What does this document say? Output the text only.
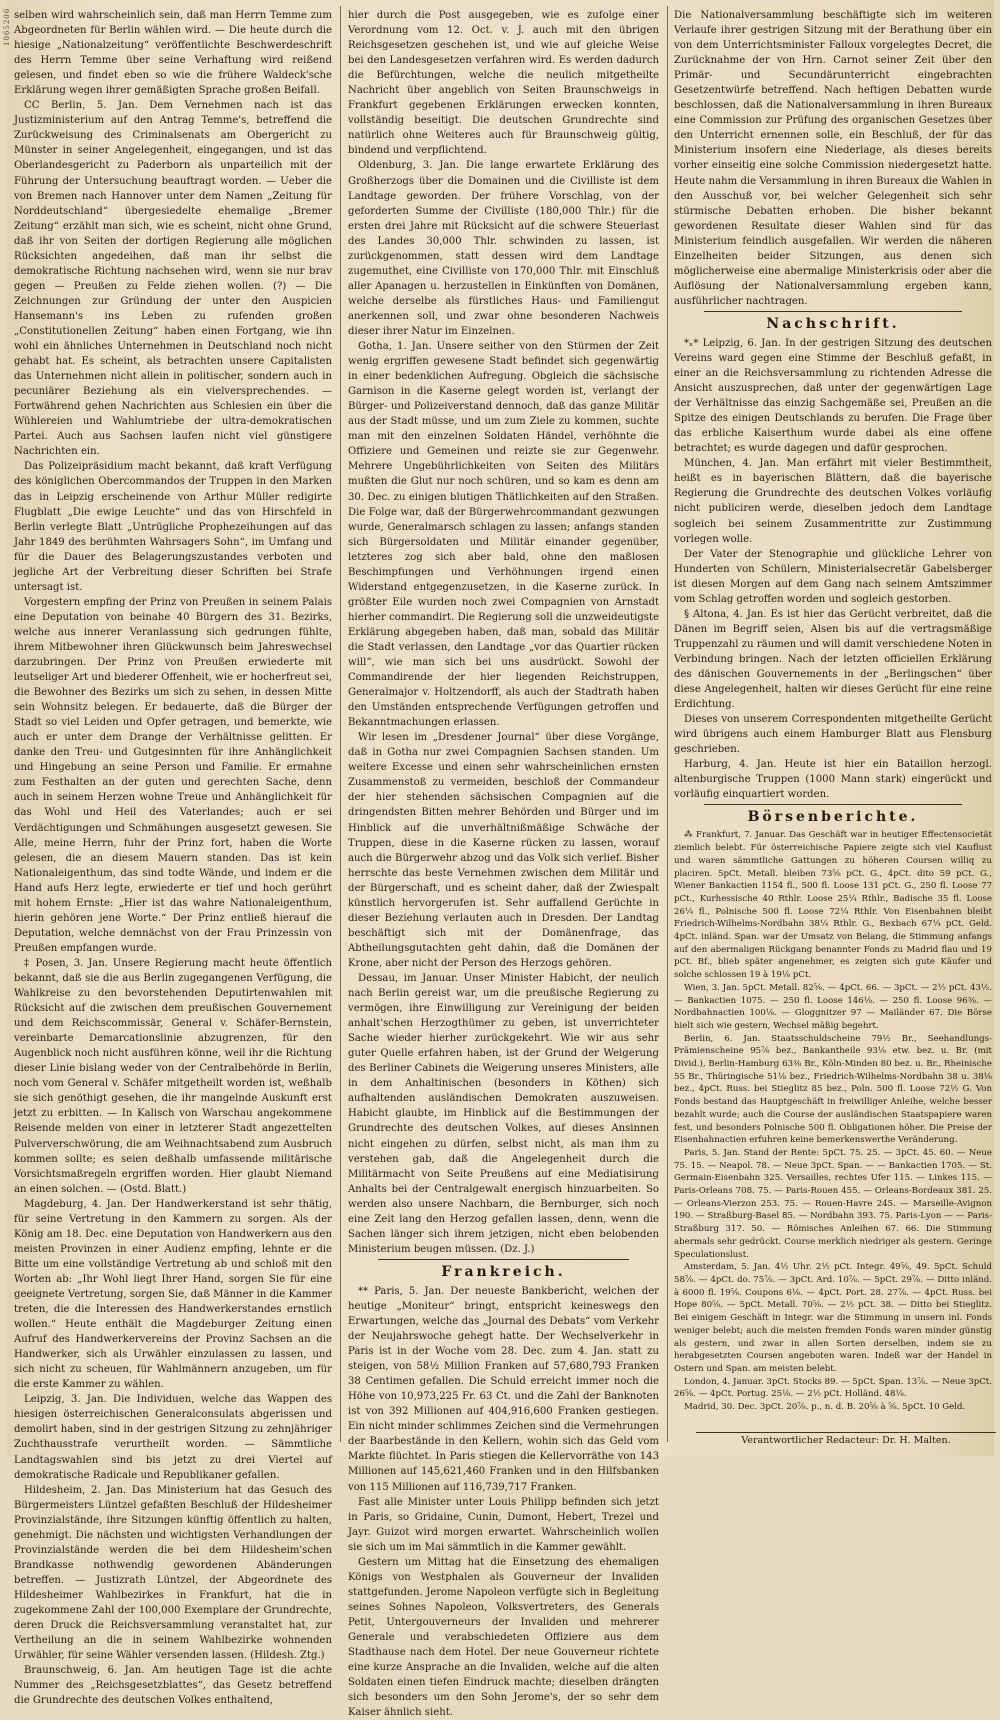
1065206 selben wird wahrscheinlich sein, daß man Herrn Temme zum Abgeordneten für Berlin wählen wird. — Die heute durch die hiesige „Nationalzeitung“ veröffentlichte Beschwerdeschrift des Herrn Temme über seine Verhaftung wird reißend gelesen, und findet eben so wie die frühere Waldeck'sche Erklärung wegen ihrer gemäßigten Sprache großen Beifall.

CC Berlin, 5. Jan. Dem Vernehmen nach ist das Justizministerium auf den Antrag Temme's, betreffend die Zurückweisung des Criminalsenats am Obergericht zu Münster in seiner Angelegenheit, eingegangen, und ist das Oberlandesgericht zu Paderborn als unparteilich mit der Führung der Untersuchung beauftragt worden. — Ueber die von Bremen nach Hannover unter dem Namen „Zeitung für Norddeutschland“ übergesiedelte ehemalige „Bremer Zeitung“ erzählt man sich, wie es scheint, nicht ohne Grund, daß ihr von Seiten der dortigen Regierung alle möglichen Rücksichten angedeihen, daß man ihr selbst die demokratische Richtung nachsehen wird, wenn sie nur brav gegen — Preußen zu Felde ziehen wollen. (?) — Die Zeichnungen zur Gründung der unter den Auspicien Hansemann's ins Leben zu rufenden großen „Constitutionellen Zeitung“ haben einen Fortgang, wie ihn wohl ein ähnliches Unternehmen in Deutschland noch nicht gehabt hat. Es scheint, als betrachten unsere Capitalisten das Unternehmen nicht allein in politischer, sondern auch in pecuniärer Beziehung als ein vielversprechendes. — Fortwährend gehen Nachrichten aus Schlesien ein über die Wühlereien und Wahlumtriebe der ultra-demokratischen Partei. Auch aus Sachsen laufen nicht viel günstigere Nachrichten ein.

Das Polizeipräsidium macht bekannt, daß kraft Verfügung des königlichen Obercommandos der Truppen in den Marken das in Leipzig erscheinende von Arthur Müller redigirte Flugblatt „Die ewige Leuchte“ und das von Hirschfeld in Berlin verlegte Blatt „Untrügliche Prophezeihungen auf das Jahr 1849 des berühmten Wahrsagers Sohn“, im Umfang und für die Dauer des Belagerungszustandes verboten und jegliche Art der Verbreitung dieser Schriften bei Strafe untersagt ist.

Vorgestern empfing der Prinz von Preußen in seinem Palais eine Deputation von beinahe 40 Bürgern des 31. Bezirks, welche aus innerer Veranlassung sich gedrungen fühlte, ihrem Mitbewohner ihren Glückwunsch beim Jahreswechsel darzubringen. Der Prinz von Preußen erwiederte mit leutseliger Art und biederer Offenheit, wie er hocherfreut sei, die Bewohner des Bezirks um sich zu sehen, in dessen Mitte sein Wohnsitz belegen. Er bedauerte, daß die Bürger der Stadt so viel Leiden und Opfer getragen, und bemerkte, wie auch er unter dem Drange der Verhältnisse gelitten. Er danke den Treu- und Gutgesinnten für ihre Anhänglichkeit und Hingebung an seine Person und Familie. Er ermahne zum Festhalten an der guten und gerechten Sache, denn auch in seinem Herzen wohne Treue und Anhänglichkeit für das Wohl und Heil des Vaterlandes; auch er sei Verdächtigungen und Schmähungen ausgesetzt gewesen. Sie Alle, meine Herrn, fuhr der Prinz fort, haben die Worte gelesen, die an diesem Mauern standen. Das ist kein Nationaleigenthum, das sind todte Wände, und indem er die Hand aufs Herz legte, erwiederte er tief und hoch gerührt mit hohem Ernste: „Hier ist das wahre Nationaleigenthum, hierin gehören jene Worte.“ Der Prinz entließ hierauf die Deputation, welche demnächst von der Frau Prinzessin von Preußen empfangen wurde.

‡ Posen, 3. Jan. Unsere Regierung macht heute öffentlich bekannt, daß sie die aus Berlin zugegangenen Verfügung, die Wahlkreise zu den bevorstehenden Deputirtenwahlen mit Rücksicht auf die zwischen dem preußischen Gouvernement und dem Reichscommissär, General v. Schäfer-Bernstein, vereinbarte Demarcationslinie abzugrenzen, für den Augenblick noch nicht ausführen könne, weil ihr die Richtung dieser Linie bislang weder von der Centralbehörde in Berlin, noch vom General v. Schäfer mitgetheilt worden ist, weßhalb sie sich genöthigt gesehen, die ihr mangelnde Auskunft erst jetzt zu erbitten. — In Kalisch von Warschau angekommene Reisende melden von einer in letzterer Stadt angezettelten Pulververschwörung, die am Weihnachtsabend zum Ausbruch kommen sollte; es seien deßhalb umfassende militärische Vorsichtsmaßregeln ergriffen worden. Hier glaubt Niemand an einen solchen. — (Ostd. Blatt.)

Magdeburg, 4. Jan. Der Handwerkerstand ist sehr thätig, für seine Vertretung in den Kammern zu sorgen. Als der König am 18. Dec. eine Deputation von Handwerkern aus den meisten Provinzen in einer Audienz empfing, lehnte er die Bitte um eine vollständige Vertretung ab und schloß mit den Worten ab: „Ihr Wohl liegt Ihrer Hand, sorgen Sie für eine geeignete Vertretung, sorgen Sie, daß Männer in die Kammer treten, die die Interessen des Handwerkerstandes ernstlich wollen.“ Heute enthält die Magdeburger Zeitung einen Aufruf des Handwerkervereins der Provinz Sachsen an die Handwerker, sich als Urwähler einzulassen zu lassen, und sich nicht zu scheuen, für Wahlmännern anzugeben, um für die erste Kammer zu wählen.

Leipzig, 3. Jan. Die Individuen, welche das Wappen des hiesigen österreichischen Generalconsulats abgerissen und demolirt haben, sind in der gestrigen Sitzung zu zehnjähriger Zuchthausstrafe verurtheilt worden. — Sämmtliche Landtagswahlen sind bis jetzt zu drei Viertel auf demokratische Radicale und Republikaner gefallen.

Hildesheim, 2. Jan. Das Ministerium hat das Gesuch des Bürgermeisters Lüntzel gefaßten Beschluß der Hildesheimer Provinzialstände, ihre Sitzungen künftig öffentlich zu halten, genehmigt. Die nächsten und wichtigsten Verhandlungen der Provinzialstände werden die bei dem Hildesheim'schen Brandkasse nothwendig gewordenen Abänderungen betreffen. — Justizrath Lüntzel, der Abgeordnete des Hildesheimer Wahlbezirkes in Frankfurt, hat die in zugekommene Zahl der 100,000 Exemplare der Grundrechte, deren Druck die Reichsversammlung veranstaltet hat, zur Vertheilung an die in seinem Wahlbezirke wohnenden Urwähler, für seine Wähler versenden lassen. (Hildesh. Ztg.)

Braunschweig, 6. Jan. Am heutigen Tage ist die achte Nummer des „Reichsgesetzblattes“, das Gesetz betreffend die Grundrechte des deutschen Volkes enthaltend,

hier durch die Post ausgegeben, wie es zufolge einer Verordnung vom 12. Oct. v. J. auch mit den übrigen Reichsgesetzen geschehen ist, und wie auf gleiche Weise bei den Landesgesetzen verfahren wird. Es werden dadurch die Befürchtungen, welche die neulich mitgetheilte Nachricht über angeblich von Seiten Braunschweigs in Frankfurt gegebenen Erklärungen erwecken konnten, vollständig beseitigt. Die deutschen Grundrechte sind natürlich ohne Weiteres auch für Braunschweig gültig, bindend und verpflichtend.

Oldenburg, 3. Jan. Die lange erwartete Erklärung des Großherzogs über die Domainen und die Civilliste ist dem Landtage geworden. Der frühere Vorschlag, von der geforderten Summe der Civilliste (180,000 Thlr.) für die ersten drei Jahre mit Rücksicht auf die schwere Steuerlast des Landes 30,000 Thlr. schwinden zu lassen, ist zurückgenommen, statt dessen wird dem Landtage zugemuthet, eine Civilliste von 170,000 Thlr. mit Einschluß aller Apanagen u. herzustellen in Einkünften von Domänen, welche derselbe als fürstliches Haus- und Familiengut anerkennen soll, und zwar ohne besonderen Nachweis dieser ihrer Natur im Einzelnen.

Gotha, 1. Jan. Unsere seither von den Stürmen der Zeit wenig ergriffen gewesene Stadt befindet sich gegenwärtig in einer bedenklichen Aufregung. Obgleich die sächsische Garnison in die Kaserne gelegt worden ist, verlangt der Bürger- und Polizeiverstand dennoch, daß das ganze Militär aus der Stadt müsse, und um zum Ziele zu kommen, suchte man mit den einzelnen Soldaten Händel, verhöhnte die Offiziere und Gemeinen und reizte sie zur Gegenwehr. Mehrere Ungebührlichkeiten von Seiten des Militärs mußten die Glut nur noch schüren, und so kam es denn am 30. Dec. zu einigen blutigen Thätlichkeiten auf den Straßen. Die Folge war, daß der Bürgerwehrcommandant gezwungen wurde, Generalmarsch schlagen zu lassen; anfangs standen sich Bürgersoldaten und Militär einander gegenüber, letzteres zog sich aber bald, ohne den maßlosen Beschimpfungen und Verhöhnungen irgend einen Widerstand entgegenzusetzen, in die Kaserne zurück. In größter Eile wurden noch zwei Compagnien von Arnstadt hierher commandirt. Die Regierung soll die unzweideutigste Erklärung abgegeben haben, daß man, sobald das Militär die Stadt verlassen, den Landtage „vor das Quartier rücken will“, wie man sich bei uns ausdrückt. Sowohl der Commandirende der hier liegenden Reichstruppen, Generalmajor v. Holtzendorff, als auch der Stadtrath haben den Umständen entsprechende Verfügungen getroffen und Bekanntmachungen erlassen.

Wir lesen im „Dresdener Journal“ über diese Vorgänge, daß in Gotha nur zwei Compagnien Sachsen standen. Um weitere Excesse und einen sehr wahrscheinlichen ernsten Zusammenstoß zu vermeiden, beschloß der Commandeur der hier stehenden sächsischen Compagnien auf die dringendsten Bitten mehrer Behörden und Bürger und im Hinblick auf die unverhältnißmäßige Schwäche der Truppen, diese in die Kaserne rücken zu lassen, worauf auch die Bürgerwehr abzog und das Volk sich verlief. Bisher herrschte das beste Vernehmen zwischen dem Militär und der Bürgerschaft, und es scheint daher, daß der Zwiespalt künstlich hervorgerufen ist. Sehr auffallend Gerüchte in dieser Beziehung verlauten auch in Dresden. Der Landtag beschäftigt sich mit der Domänenfrage, das Abtheilungsgutachten geht dahin, daß die Domänen der Krone, aber nicht der Person des Herzogs gehören.

Dessau, im Januar. Unser Minister Habicht, der neulich nach Berlin gereist war, um die preußische Regierung zu vermögen, ihre Einwilligung zur Vereinigung der beiden anhalt'schen Herzogthümer zu geben, ist unverrichteter Sache wieder hierher zurückgekehrt. Wie wir aus sehr guter Quelle erfahren haben, ist der Grund der Weigerung des Berliner Cabinets die Weigerung unseres Ministers, alle in dem Anhaltinischen (besonders in Köthen) sich aufhaltenden ausländischen Demokraten auszuweisen. Habicht glaubte, im Hinblick auf die Bestimmungen der Grundrechte des deutschen Volkes, auf dieses Ansinnen nicht eingehen zu dürfen, selbst nicht, als man ihm zu verstehen gab, daß die Angelegenheit durch die Militärmacht von Seite Preußens auf eine Mediatisirung Anhalts bei der Centralgewalt energisch hinzuarbeiten. So werden also unsere Nachbarn, die Bernburger, sich noch eine Zeit lang den Herzog gefallen lassen, denn, wenn die Sachen länger sich ihrem jetzigen, nicht eben belobenden Ministerium beugen müssen. (Dz. J.)

Frankreich.

** Paris, 5. Jan. Der neueste Bankbericht, welchen der heutige „Moniteur“ bringt, entspricht keineswegs den Erwartungen, welche das „Journal des Debats“ vom Verkehr der Neujahrswoche gehegt hatte. Der Wechselverkehr in Paris ist in der Woche vom 28. Dec. zum 4. Jan. statt zu steigen, von 58½ Million Franken auf 57,680,793 Franken 38 Centimen gefallen. Die Schuld erreicht immer noch die Höhe von 10,973,225 Fr. 63 Ct. und die Zahl der Banknoten ist von 392 Millionen auf 404,916,600 Franken gestiegen. Ein nicht minder schlimmes Zeichen sind die Vermehrungen der Baarbestände in den Kellern, wohin sich das Geld vom Markte flüchtet. In Paris stiegen die Kellervorräthe von 143 Millionen auf 145,621,460 Franken und in den Hilfsbanken von 115 Millionen auf 116,739,717 Franken.

Fast alle Minister unter Louis Philipp befinden sich jetzt in Paris, so Gridaine, Cunin, Dumont, Hebert, Trezel und Jayr. Guizot wird morgen erwartet. Wahrscheinlich wollen sie sich um im Mai sämmtlich in die Kammer gewählt.

Gestern um Mittag hat die Einsetzung des ehemaligen Königs von Westphalen als Gouverneur der Invaliden stattgefunden. Jerome Napoleon verfügte sich in Begleitung seines Sohnes Napoleon, Volksvertreters, des Generals Petit, Untergouverneurs der Invaliden und mehrerer Generale und verabschiedeten Offiziere aus dem Stadthause nach dem Hotel. Der neue Gouverneur richtete eine kurze Ansprache an die Invaliden, welche auf die alten Soldaten einen tiefen Eindruck machte; dieselben drängten sich besonders um den Sohn Jerome's, der so sehr dem Kaiser ähnlich sieht.

Die Nationalversammlung beschäftigte sich im weiteren Verlaufe ihrer gestrigen Sitzung mit der Berathung über ein von dem Unterrichtsminister Falloux vorgelegtes Decret, die Zurücknahme der von Hrn. Carnot seiner Zeit über den Primär- und Secundärunterricht eingebrachten Gesetzentwürfe betreffend. Nach heftigen Debatten wurde beschlossen, daß die Nationalversammlung in ihren Bureaux eine Commission zur Prüfung des organischen Gesetzes über den Unterricht ernennen solle, ein Beschluß, der für das Ministerium insofern eine Niederlage, als dieses bereits vorher einseitig eine solche Commission niedergesetzt hatte. Heute nahm die Versammlung in ihren Bureaux die Wahlen in den Ausschuß vor, bei welcher Gelegenheit sich sehr stürmische Debatten erhoben. Die bisher bekannt gewordenen Resultate dieser Wahlen sind für das Ministerium feindlich ausgefallen. Wir werden die näheren Einzelheiten beider Sitzungen, aus denen sich möglicherweise eine abermalige Ministerkrisis oder aber die Auflösung der Nationalversammlung ergeben kann, ausführlicher nachtragen.

Nachschrift.

*ₓ* Leipzig, 6. Jan. In der gestrigen Sitzung des deutschen Vereins ward gegen eine Stimme der Beschluß gefaßt, in einer an die Reichsversammlung zu richtenden Adresse die Ansicht auszusprechen, daß unter der gegenwärtigen Lage der Verhältnisse das einzig Sachgemäße sei, Preußen an die Spitze des einigen Deutschlands zu berufen. Die Frage über das erbliche Kaiserthum wurde dabei als eine offene betrachtet; es wurde dagegen und dafür gesprochen.

München, 4. Jan. Man erfährt mit vieler Bestimmtheit, heißt es in bayerischen Blättern, daß die bayerische Regierung die Grundrechte des deutschen Volkes vorläufig nicht publiciren werde, dieselben jedoch dem Landtage sogleich bei seinem Zusammentritte zur Zustimmung vorlegen wolle.

Der Vater der Stenographie und glückliche Lehrer von Hunderten von Schülern, Ministerialsecretär Gabelsberger ist diesen Morgen auf dem Gang nach seinem Amtszimmer vom Schlag getroffen worden und sogleich gestorben.

§ Altona, 4. Jan. Es ist hier das Gerücht verbreitet, daß die Dänen im Begriff seien, Alsen bis auf die vertragsmäßige Truppenzahl zu räumen und will damit verschiedene Noten in Verbindung bringen. Nach der letzten officiellen Erklärung des dänischen Gouvernements in der „Berlingschen“ über diese Angelegenheit, halten wir dieses Gerücht für eine reine Erdichtung.

Dieses von unserem Correspondenten mitgetheilte Gerücht wird übrigens auch einem Hamburger Blatt aus Flensburg geschrieben.

Harburg, 4. Jan. Heute ist hier ein Bataillon herzogl. altenburgische Truppen (1000 Mann stark) eingerückt und vorläufig einquartiert worden.

Börsenberichte.

⁂ Frankfurt, 7. Januar. Das Geschäft war in heutiger Effectensocietät ziemlich belebt. Für österreichische Papiere zeigte sich viel Kauflust und waren sämmtliche Gattungen zu höheren Coursen williq zu placiren. 5pCt. Metall. bleiben 73⅝ pCt. G., 4pCt. dito 59 pCt. G., Wiener Bankactien 1154 fl., 500 fl. Loose 131 pCt. G., 250 fl. Loose 77 pCt., Kurhessische 40 Rthlr. Loose 25¼ Rthlr., Badische 35 fl. Loose 26¼ fl., Polnische 500 fl. Loose 72¼ Rthlr. Von Eisenbahnen bleibt Friedrich-Wilhelms-Nordbahn 38¼ Rthlr. G., Bexbach 67¼ pCt. Geld. 4pCt. inländ. Span. war der Umsatz von Belang, die Stimmung anfangs auf den abermaligen Rückgang benannter Fonds zu Madrid flau und 19 pCt. Bf., blieb später angenehmer, es zeigten sich gute Käufer und solche schlossen 19 à 19⅛ pCt.

Wien, 3. Jan. 5pCt. Metall. 82⅝. — 4pCt. 66. — 3pCt. — 2½ pCt. 43½. — Bankactien 1075. — 250 fl. Loose 146⅛. — 250 fl. Loose 96⅜. — Nordbahnactien 100⅛. — Gloggnitzer 97 — Mailänder 67. Die Börse hielt sich wie gestern, Wechsel mäßig begehrt.

Berlin, 6. Jan. Staatsschuldscheine 79½ Br., Seehandlungs-Prämienscheine 95⅞ bez., Bankantheile 93⅛ etw. bez. u. Br. (mit Divid.), Berlin-Hamburg 63⅜ Br., Köln-Minden 80 bez. u. Br., Rheinische 55 Br., Thüringische 51⅛ bez., Friedrich-Wilhelms-Nordbahn 38 u. 38⅛ bez., 4pCt. Russ. bei Stieglitz 85 bez., Poln. 500 fl. Loose 72½ G. Von Fonds bestand das Hauptgeschäft in freiwilliger Anleihe, welche besser bezahlt wurde; auch die Course der ausländischen Staatspapiere waren fest, und besonders Polnische 500 fl. Obligationen höher. Die Preise der Eisenbahnactien erfuhren keine bemerkenswerthe Veränderung.

Paris, 5. Jan. Stand der Rente: 5pCt. 75. 25. — 3pCt. 45. 60. — Neue 75. 15. — Neapol. 78. — Neue 3pCt. Span. — — Bankactien 1705. — St. Germain-Eisenbahn 325. Versailles, rechtes Ufer 115. — Linkes 115. — Paris-Orleans 708. 75. — Paris-Rouen 455. — Orleans-Bordeaux 381. 25. — Orleans-Vierzon 253. 75. — Rouen-Havre 245. — Marseille-Avignon 190. — Straßburg-Basel 85. — Nordbahn 393. 75. Paris-Lyon — — Paris-Straßburg 317. 50. — Römisches Anleihen 67. 66. Die Stimmung abermals sehr gedrückt. Course merklich niedriger als gestern. Geringe Speculationslust.

Amsterdam, 5. Jan. 4½ Uhr. 2½ pCt. Integr. 49⅝, 49. 5pCt. Schuld 58⅞. — 4pCt. do. 75⅞. — 3pCt. Ard. 10⅞. — 5pCt. 29⅞. — Ditto inländ. à 6000 fl. 19⅝. Coupons 6⅛. — 4pCt. Port. 28. 27⅞. — 4pCt. Russ. bei Hope 80⅝. — 5pCt. Metall. 70⅝. — 2½ pCt. 38. — Ditto bei Stieglitz. Bei einigem Geschäft in Integr. war die Stimmung in unsern inl. Fonds weniger belebt; auch die meisten fremden Fonds waren minder günstig als gestern, und zwar in allen Sorten derselben, indem sie zu herabgesetzten Coursen angeboten waren. Indeß war der Handel in Ostern und Span. am meisten belebt.

London, 4. Januar. 3pCt. Stocks 89. — 5pCt. Span. 13⅞. — Neue 3pCt. 26⅝. — 4pCt. Portug. 25⅛. — 2½ pCt. Holländ. 48⅛.

Madrid, 30. Dec. 3pCt. 20⅞. p., n. d. B. 20⅝ à ⅝. 5pCt. 10 Geld.

Verantwortlicher Redacteur: Dr. H. Malten.
